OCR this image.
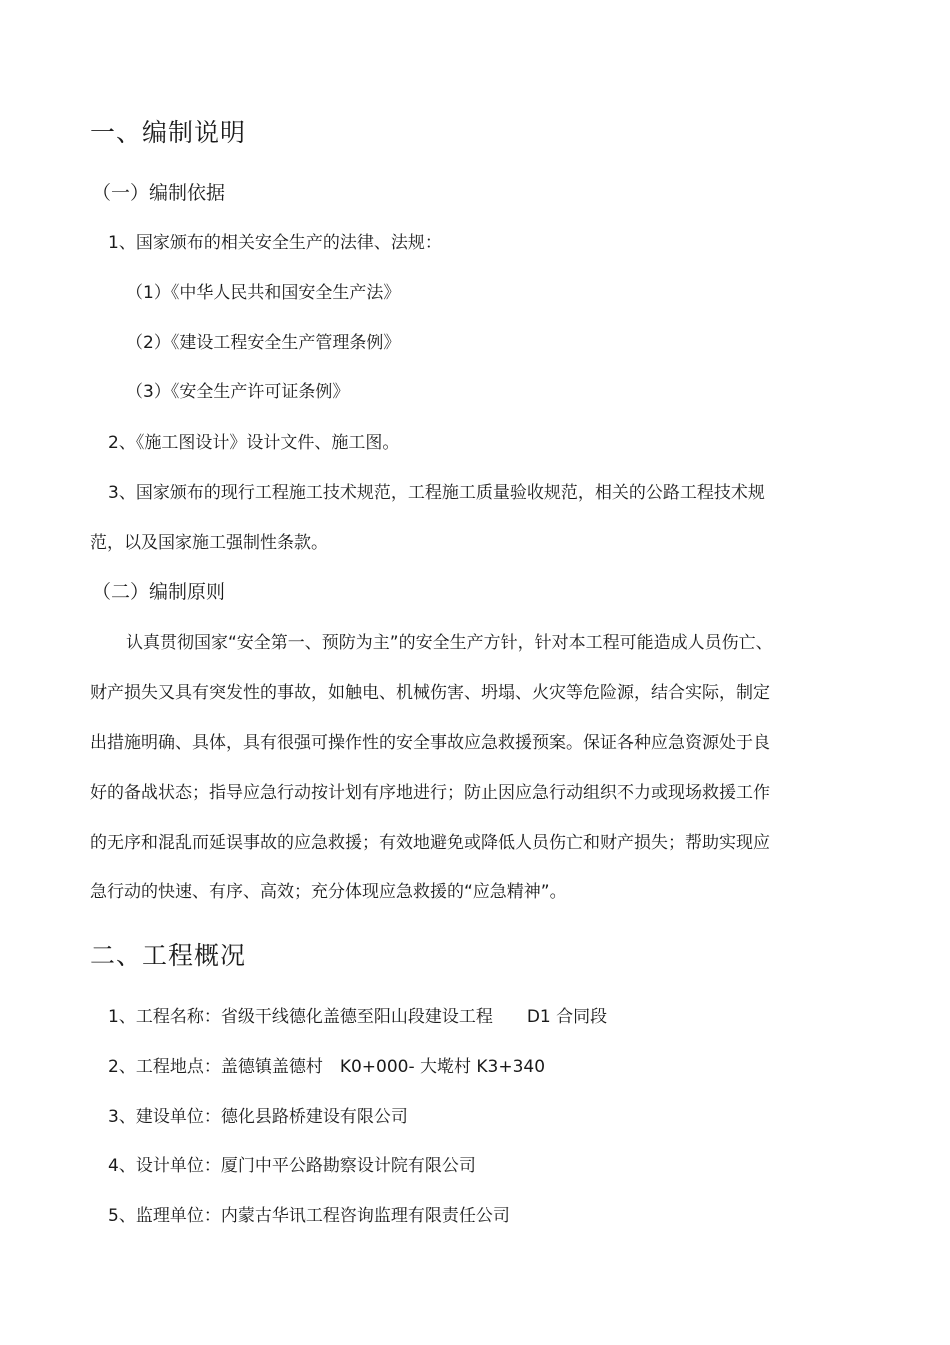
一、编制说明
（一）编制依据
1、国家颁布的相关安全生产的法律、法规：
（1）《中华人民共和国安全生产法》
（2）《建设工程安全生产管理条例》
（3）《安全生产许可证条例》
2、《施工图设计》设计文件、施工图。
3、国家颁布的现行工程施工技术规范，工程施工质量验收规范，相关的公路工程技术规
范，以及国家施工强制性条款。
（二）编制原则
认真贯彻国家“安全第一、预防为主”的安全生产方针，针对本工程可能造成人员伤亡、
财产损失又具有突发性的事故，如触电、机械伤害、坍塌、火灾等危险源，结合实际，制定
出措施明确、具体，具有很强可操作性的安全事故应急救援预案。保证各种应急资源处于良
好的备战状态；指导应急行动按计划有序地进行；防止因应急行动组织不力或现场救援工作
的无序和混乱而延误事故的应急救援；有效地避免或降低人员伤亡和财产损失；帮助实现应
急行动的快速、有序、高效；充分体现应急救援的“应急精神”。
二、工程概况
1、工程名称：省级干线德化盖德至阳山段建设工程　　D1 合同段
2、工程地点：盖德镇盖德村　K0+000- 大墘村 K3+340
3、建设单位：德化县路桥建设有限公司
4、设计单位：厦门中平公路勘察设计院有限公司
5、监理单位：内蒙古华讯工程咨询监理有限责任公司
